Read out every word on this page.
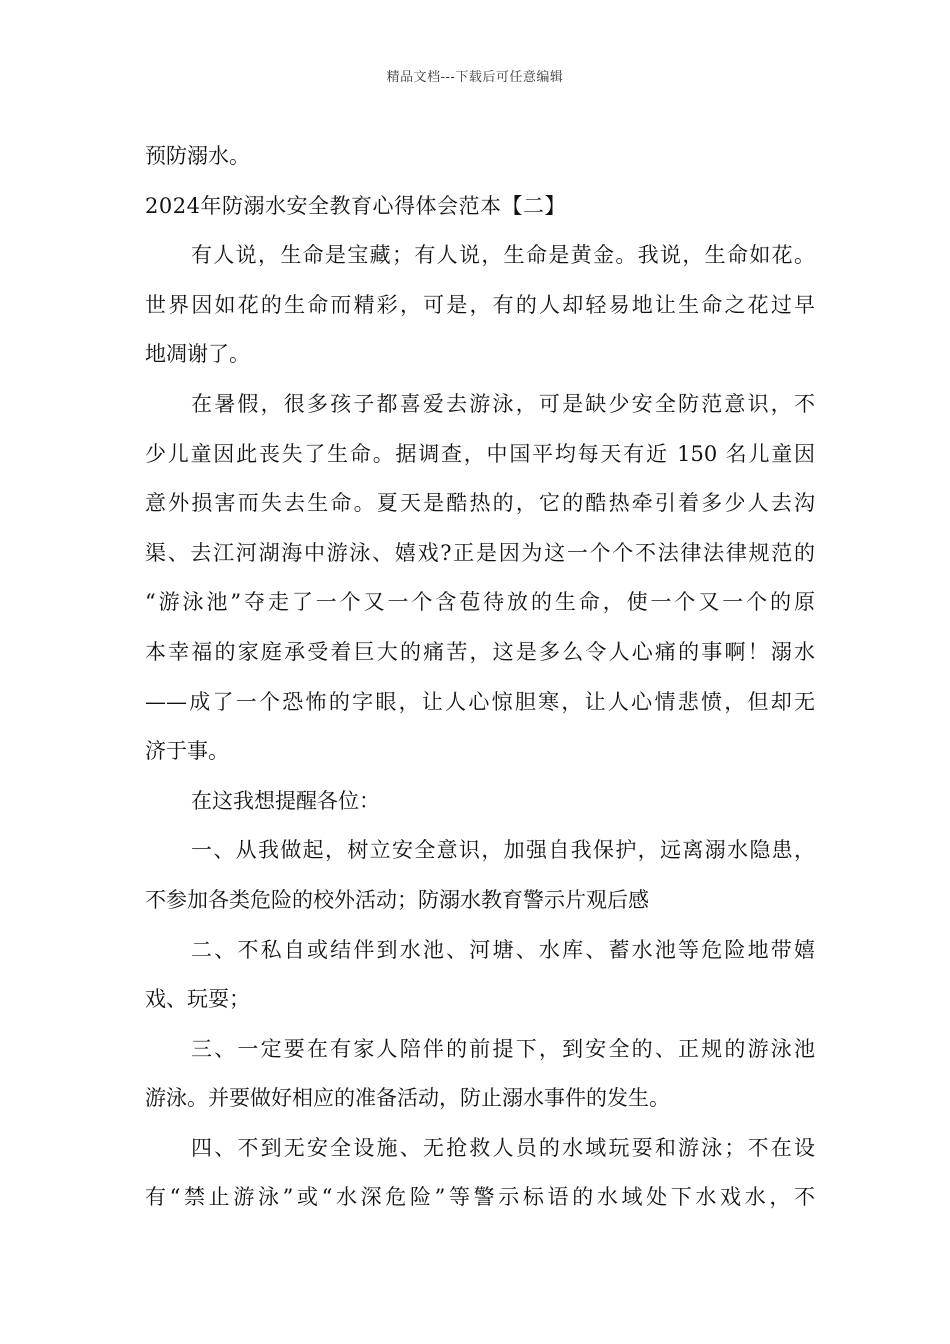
精品文档---下载后可任意编辑
预防溺水。
2024年防溺水安全教育心得体会范本【二】
有人说，生命是宝藏；有人说，生命是黄金。我说，生命如花。
世界因如花的生命而精彩，可是，有的人却轻易地让生命之花过早
地凋谢了。
在暑假，很多孩子都喜爱去游泳，可是缺少安全防范意识，不
少儿童因此丧失了生命。据调查，中国平均每天有近 150 名儿童因
意外损害而失去生命。夏天是酷热的，它的酷热牵引着多少人去沟
渠、去江河湖海中游泳、嬉戏?正是因为这一个个不法律法律规范的
“游泳池”夺走了一个又一个含苞待放的生命，使一个又一个的原
本幸福的家庭承受着巨大的痛苦，这是多么令人心痛的事啊！溺水
——成了一个恐怖的字眼，让人心惊胆寒，让人心情悲愤，但却无
济于事。
在这我想提醒各位：
一、从我做起，树立安全意识，加强自我保护，远离溺水隐患，
不参加各类危险的校外活动；防溺水教育警示片观后感
二、不私自或结伴到水池、河塘、水库、蓄水池等危险地带嬉
戏、玩耍；
三、一定要在有家人陪伴的前提下，到安全的、正规的游泳池
游泳。并要做好相应的准备活动，防止溺水事件的发生。
四、不到无安全设施、无抢救人员的水域玩耍和游泳；不在设
有“禁止游泳”或“水深危险”等警示标语的水域处下水戏水，不
